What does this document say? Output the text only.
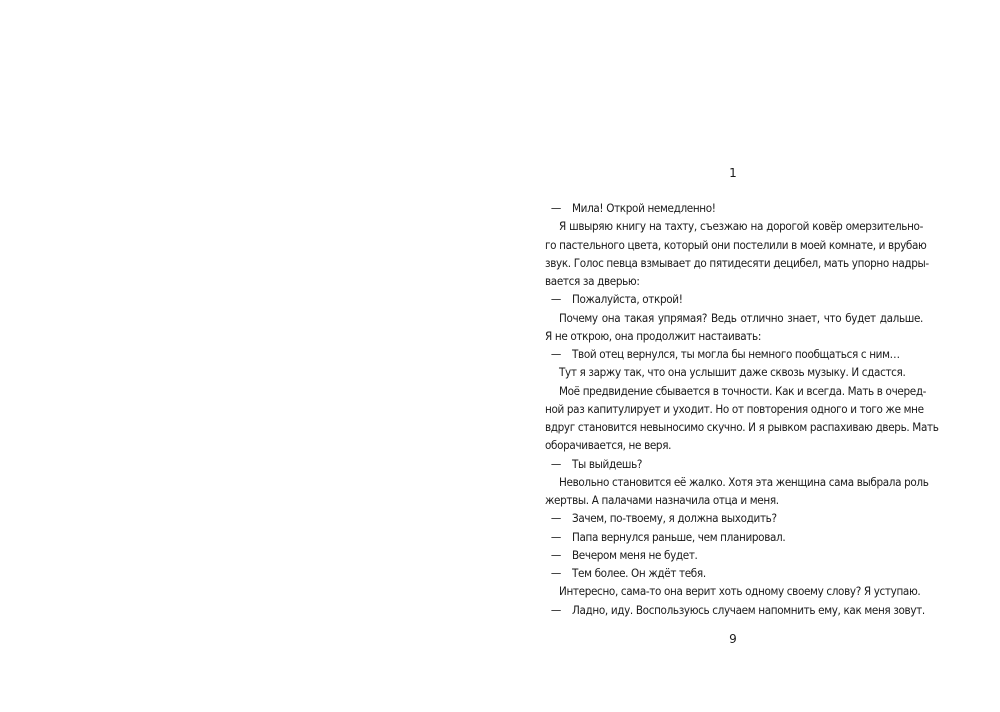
1
— Мила! Открой немедленно!
Я швыряю книгу на тахту, съезжаю на дорогой ковёр омерзительно-
го пастельного цвета, который они постелили в моей комнате, и врубаю
звук. Голос певца взмывает до пятидесяти децибел, мать упорно надры-
вается за дверью:
— Пожалуйста, открой!
Почему она такая упрямая? Ведь отлично знает, что будет дальше.
Я не открою, она продолжит настаивать:
— Твой отец вернулся, ты могла бы немного пообщаться с ним…
Тут я заржу так, что она услышит даже сквозь музыку. И сдастся.
Моё предвидение сбывается в точности. Как и всегда. Мать в очеред-
ной раз капитулирует и уходит. Но от повторения одного и того же мне
вдруг становится невыносимо скучно. И я рывком распахиваю дверь. Мать
оборачивается, не веря.
— Ты выйдешь?
Невольно становится её жалко. Хотя эта женщина сама выбрала роль
жертвы. А палачами назначила отца и меня.
— Зачем, по-твоему, я должна выходить?
— Папа вернулся раньше, чем планировал.
— Вечером меня не будет.
— Тем более. Он ждёт тебя.
Интересно, сама-то она верит хоть одному своему слову? Я уступаю.
— Ладно, иду. Воспользуюсь случаем напомнить ему, как меня зовут.
9
